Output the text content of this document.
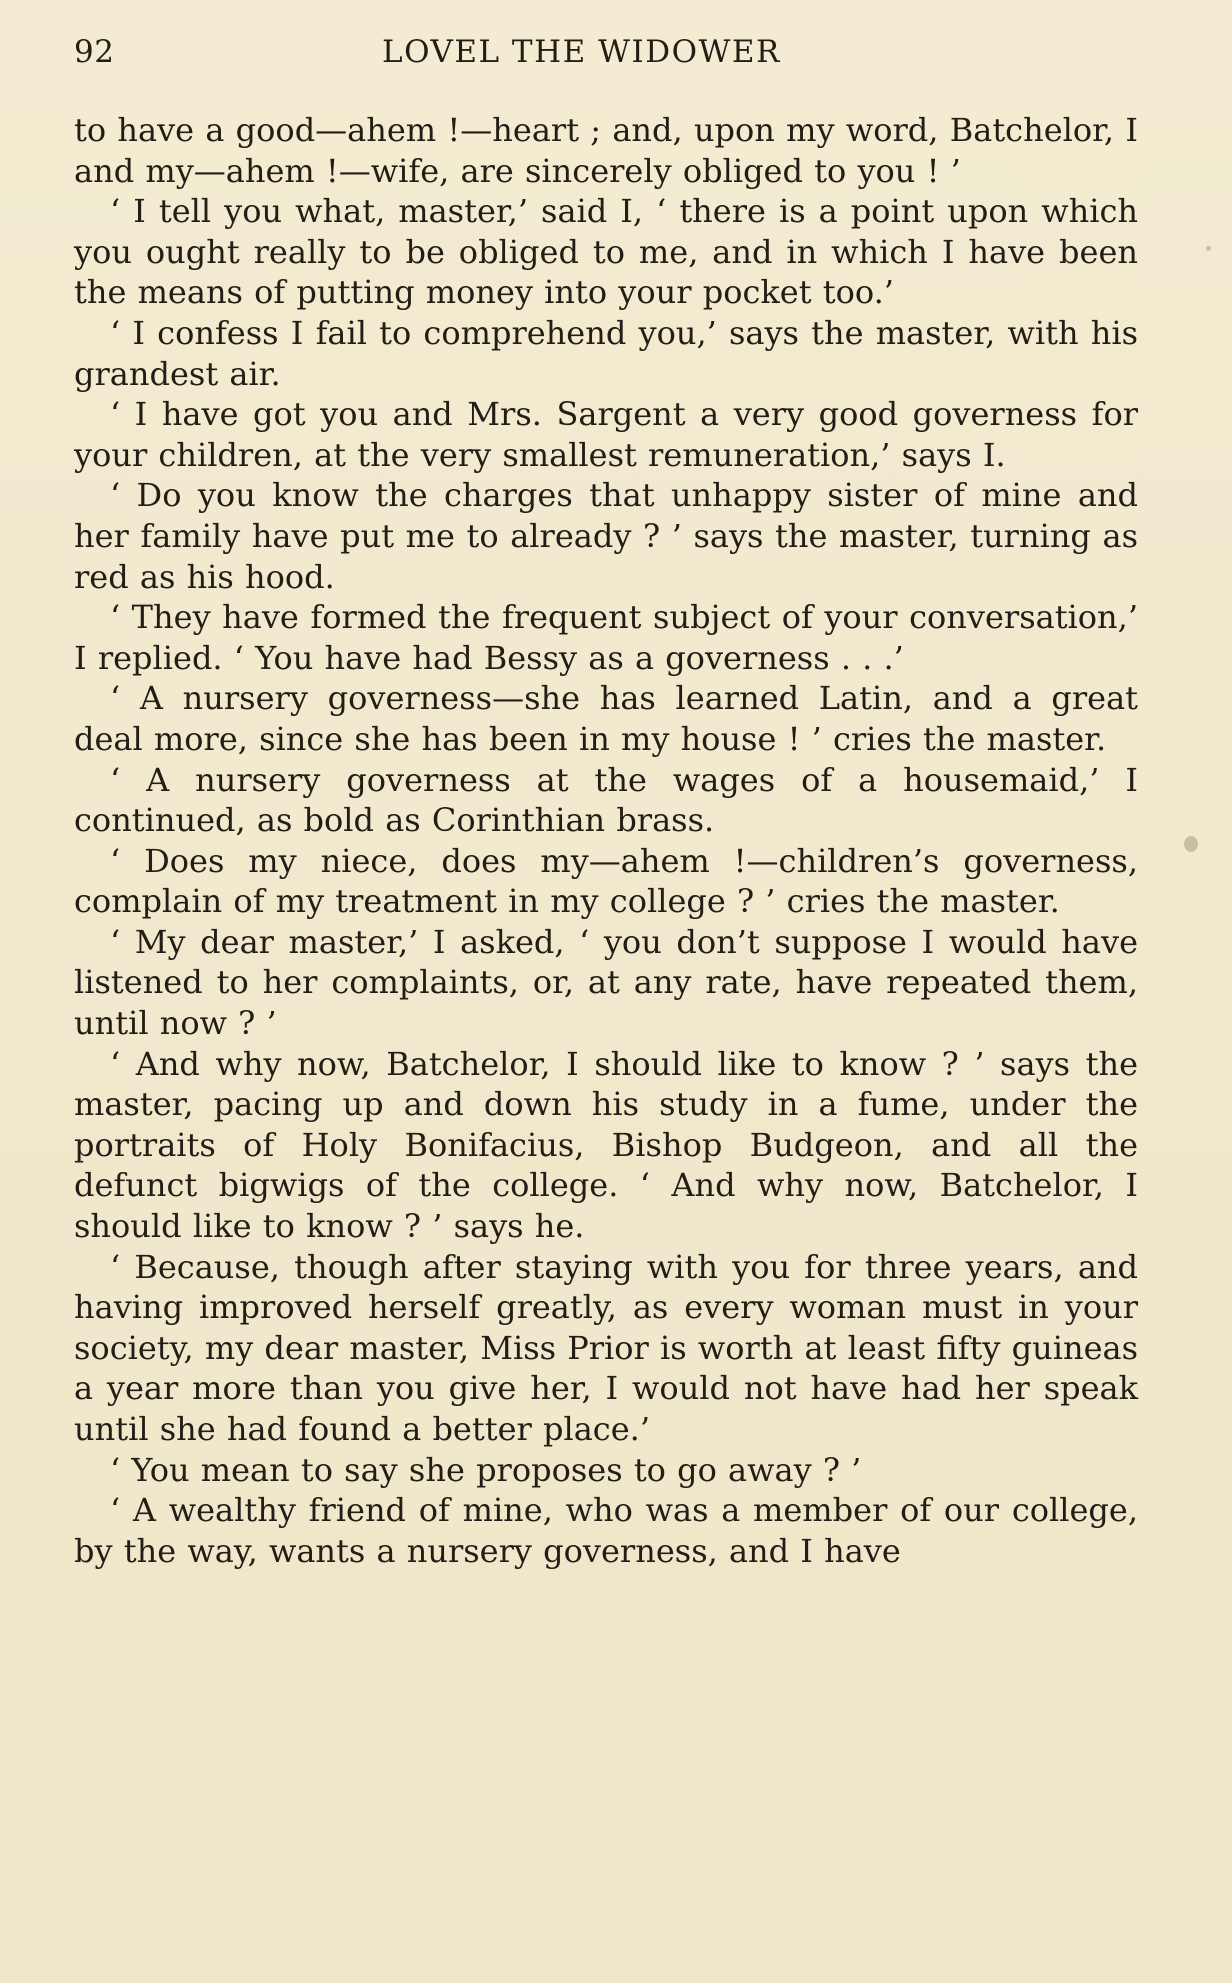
92	LOVEL THE WIDOWER

to have a good—ahem !—heart ; and, upon my word, Batchelor, I and my—ahem !—wife, are sincerely obliged to you ! ’

‘ I tell you what, master,’ said I, ‘ there is a point upon which you ought really to be obliged to me, and in which I have been the means of putting money into your pocket too.’

‘ I confess I fail to comprehend you,’ says the master, with his grandest air.

‘ I have got you and Mrs. Sargent a very good governess for your children, at the very smallest remuneration,’ says I.

‘ Do you know the charges that unhappy sister of mine and her family have put me to already ? ’ says the master, turning as red as his hood.

‘ They have formed the frequent subject of your conversation,’ I replied. ‘ You have had Bessy as a governess . . .’

‘ A nursery governess—she has learned Latin, and a great deal more, since she has been in my house ! ’ cries the master.

‘ A nursery governess at the wages of a housemaid,’ I continued, as bold as Corinthian brass.

‘ Does my niece, does my—ahem !—children’s governess, complain of my treatment in my college ? ’ cries the master.

‘ My dear master,’ I asked, ‘ you don’t suppose I would have listened to her complaints, or, at any rate, have repeated them, until now ? ’

‘ And why now, Batchelor, I should like to know ? ’ says the master, pacing up and down his study in a fume, under the portraits of Holy Bonifacius, Bishop Budgeon, and all the defunct bigwigs of the college. ‘ And why now, Batchelor, I should like to know ? ’ says he.

‘ Because, though after staying with you for three years, and having improved herself greatly, as every woman must in your society, my dear master, Miss Prior is worth at least fifty guineas a year more than you give her, I would not have had her speak until she had found a better place.’

‘ You mean to say she proposes to go away ? ’

‘ A wealthy friend of mine, who was a member of our college, by the way, wants a nursery governess, and I have
